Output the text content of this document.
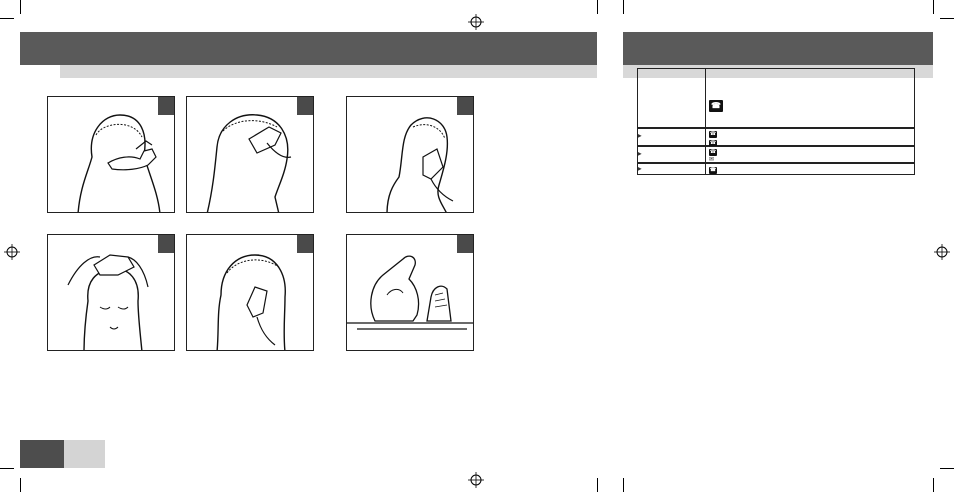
☎
☎
☎
☎
✉
☎
